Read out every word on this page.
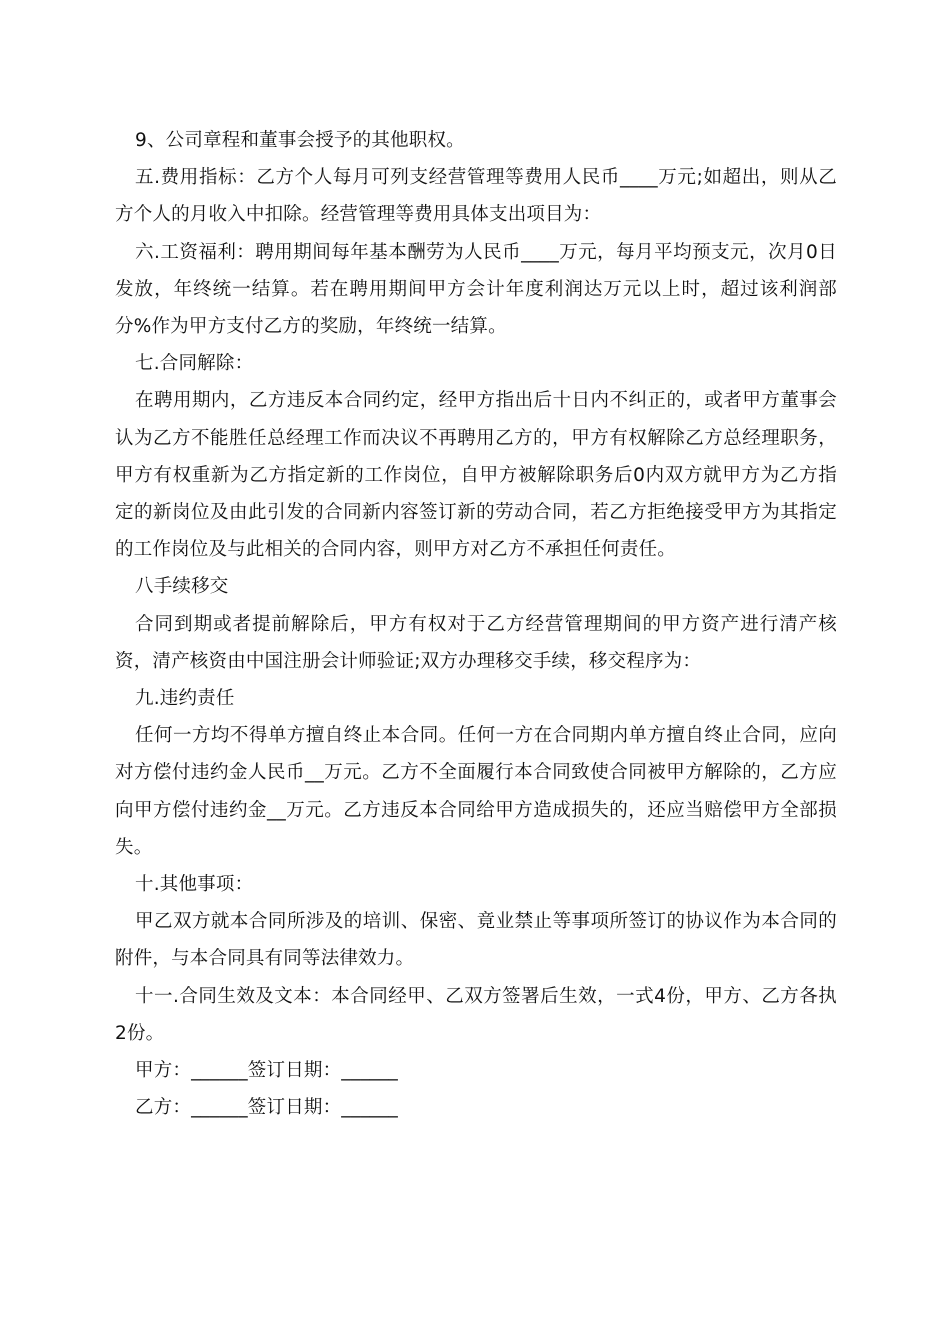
9、公司章程和董事会授予的其他职权。

五.费用指标：乙方个人每月可列支经营管理等费用人民币____万元;如超出，则从乙方个人的月收入中扣除。经营管理等费用具体支出项目为：

六.工资福利：聘用期间每年基本酬劳为人民币____万元，每月平均预支元，次月0日发放，年终统一结算。若在聘用期间甲方会计年度利润达万元以上时，超过该利润部分%作为甲方支付乙方的奖励，年终统一结算。

七.合同解除：

在聘用期内，乙方违反本合同约定，经甲方指出后十日内不纠正的，或者甲方董事会认为乙方不能胜任总经理工作而决议不再聘用乙方的，甲方有权解除乙方总经理职务，甲方有权重新为乙方指定新的工作岗位，自甲方被解除职务后0内双方就甲方为乙方指定的新岗位及由此引发的合同新内容签订新的劳动合同，若乙方拒绝接受甲方为其指定的工作岗位及与此相关的合同内容，则甲方对乙方不承担任何责任。

八手续移交

合同到期或者提前解除后，甲方有权对于乙方经营管理期间的甲方资产进行清产核资，清产核资由中国注册会计师验证;双方办理移交手续，移交程序为：

九.违约责任

任何一方均不得单方擅自终止本合同。任何一方在合同期内单方擅自终止合同，应向对方偿付违约金人民币__万元。乙方不全面履行本合同致使合同被甲方解除的，乙方应向甲方偿付违约金__万元。乙方违反本合同给甲方造成损失的，还应当赔偿甲方全部损失。

十.其他事项：

甲乙双方就本合同所涉及的培训、保密、竟业禁止等事项所签订的协议作为本合同的附件，与本合同具有同等法律效力。

十一.合同生效及文本：本合同经甲、乙双方签署后生效，一式4份，甲方、乙方各执2份。

甲方：______签订日期：______

乙方：______签订日期：______
